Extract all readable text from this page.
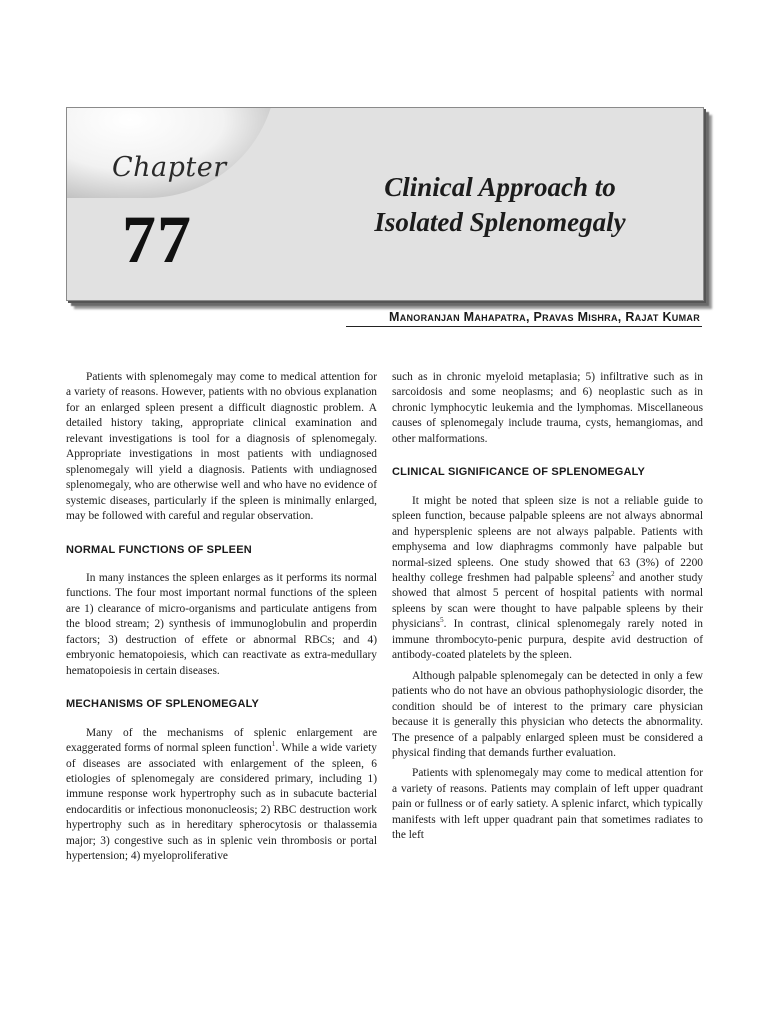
Chapter
77
Clinical Approach to
Isolated Splenomegaly
Manoranjan Mahapatra, Pravas Mishra, Rajat Kumar

Patients with splenomegaly may come to medical attention for a variety of reasons. However, patients with no obvious explanation for an enlarged spleen present a difficult diagnostic problem. A detailed history taking, appropriate clinical examination and relevant investigations is tool for a diagnosis of splenomegaly. Appropriate investigations in most patients with undiagnosed splenomegaly will yield a diagnosis. Patients with undiagnosed splenomegaly, who are otherwise well and who have no evidence of systemic diseases, particularly if the spleen is minimally enlarged, may be followed with careful and regular observation.

NORMAL FUNCTIONS OF SPLEEN

In many instances the spleen enlarges as it performs its normal functions. The four most important normal functions of the spleen are 1) clearance of micro-organisms and particulate antigens from the blood stream; 2) synthesis of immunoglobulin and properdin factors; 3) destruction of effete or abnormal RBCs; and 4) embryonic hematopoiesis, which can reactivate as extra-medullary hematopoiesis in certain diseases.

MECHANISMS OF SPLENOMEGALY

Many of the mechanisms of splenic enlargement are exaggerated forms of normal spleen function$^1$. While a wide variety of diseases are associated with enlargement of the spleen, 6 etiologies of splenomegaly are considered primary, including 1) immune response work hypertrophy such as in subacute bacterial endocarditis or infectious mononucleosis; 2) RBC destruction work hypertrophy such as in hereditary spherocytosis or thalassemia major; 3) congestive such as in splenic vein thrombosis or portal hypertension; 4) myeloproliferative

such as in chronic myeloid metaplasia; 5) infiltrative such as in sarcoidosis and some neoplasms; and 6) neoplastic such as in chronic lymphocytic leukemia and the lymphomas. Miscellaneous causes of splenomegaly include trauma, cysts, hemangiomas, and other malformations.

CLINICAL SIGNIFICANCE OF SPLENOMEGALY

It might be noted that spleen size is not a reliable guide to spleen function, because palpable spleens are not always abnormal and hypersplenic spleens are not always palpable. Patients with emphysema and low diaphragms commonly have palpable but normal-sized spleens. One study showed that 63 (3%) of 2200 healthy college freshmen had palpable spleens$^2$ and another study showed that almost 5 percent of hospital patients with normal spleens by scan were thought to have palpable spleens by their physicians$^5$. In contrast, clinical splenomegaly rarely noted in immune thrombocyto-penic purpura, despite avid destruction of antibody-coated platelets by the spleen.

Although palpable splenomegaly can be detected in only a few patients who do not have an obvious pathophysiologic disorder, the condition should be of interest to the primary care physician because it is generally this physician who detects the abnormality. The presence of a palpably enlarged spleen must be considered a physical finding that demands further evaluation.

Patients with splenomegaly may come to medical attention for a variety of reasons. Patients may complain of left upper quadrant pain or fullness or of early satiety. A splenic infarct, which typically manifests with left upper quadrant pain that sometimes radiates to the left
